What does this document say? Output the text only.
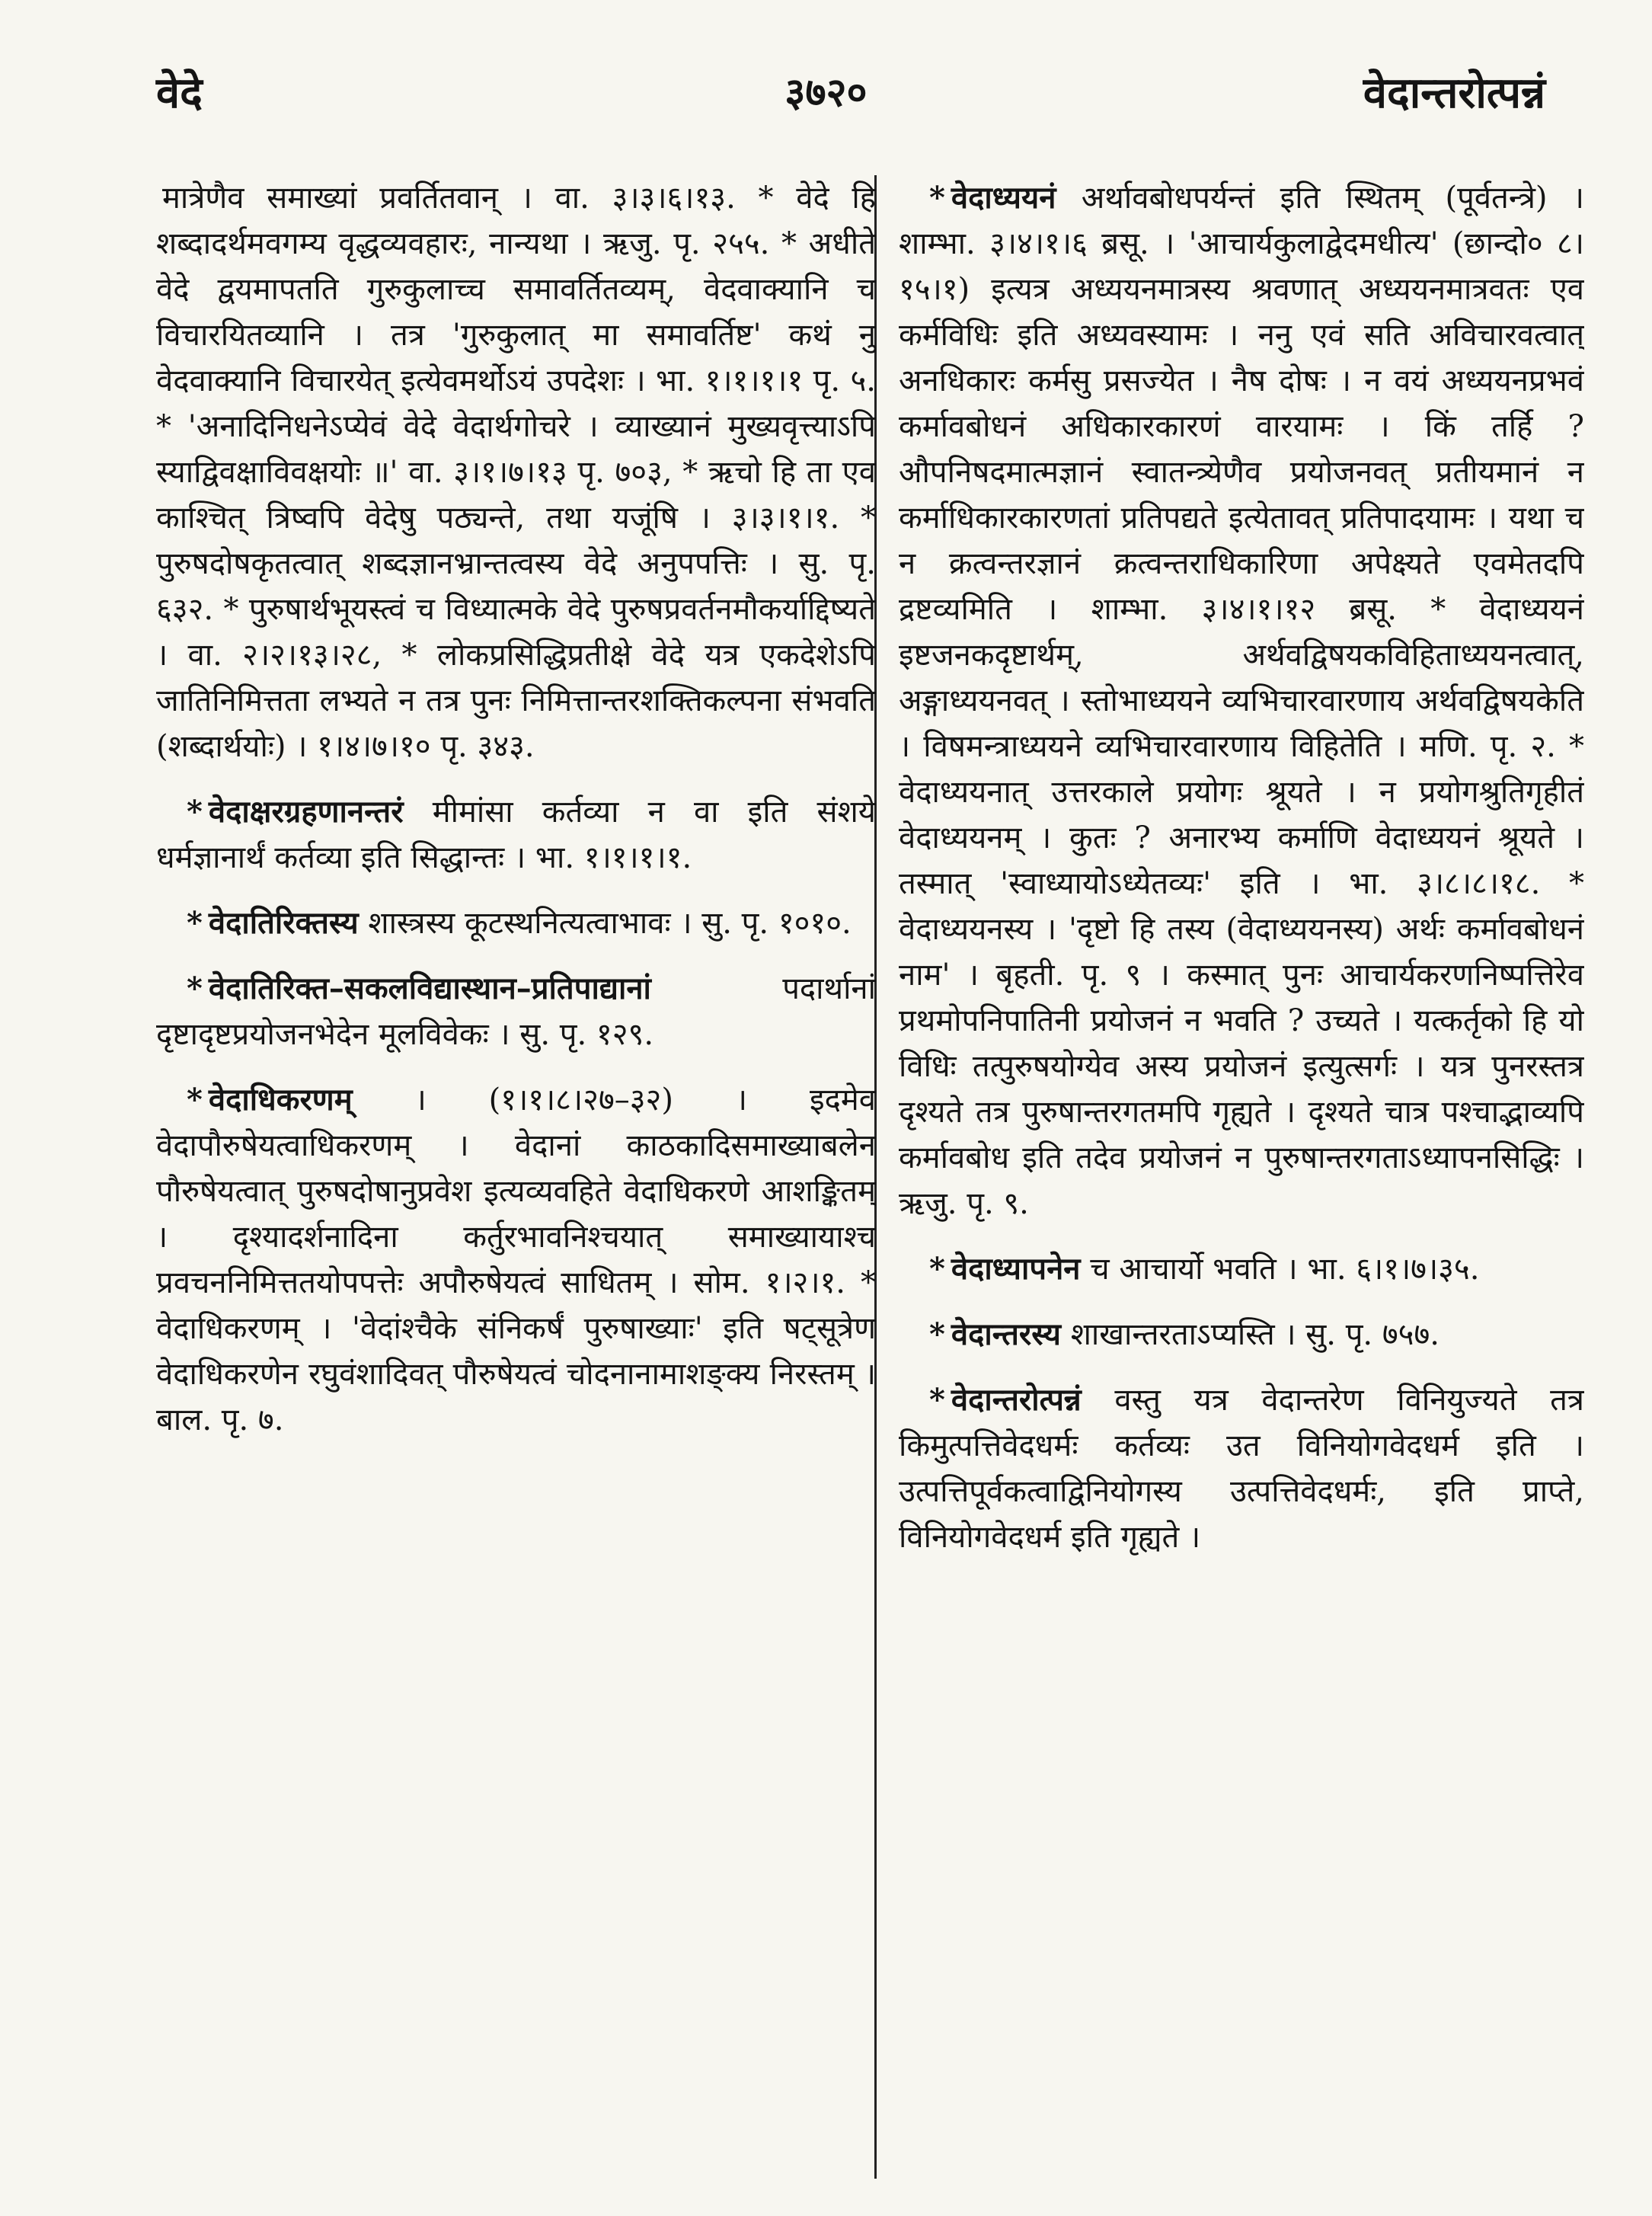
वेदे	३७२०	वेदान्तरोत्पन्नं

मात्रेणैव समाख्यां प्रवर्तितवान् । वा. ३।३।६।१३. * वेदे हि शब्दादर्थमवगम्य वृद्धव्यवहारः, नान्यथा । ऋजु. पृ. २५५. * अधीते वेदे द्वयमापतति गुरुकुलाच्च समावर्तितव्यम्, वेदवाक्यानि च विचारयितव्यानि । तत्र 'गुरुकुलात् मा समावर्तिष्ट' कथं नु वेदवाक्यानि विचारयेत् इत्येवमर्थोऽयं उपदेशः । भा. १।१।१।१ पृ. ५. * 'अनादिनिधनेऽप्येवं वेदे वेदार्थगोचरे । व्याख्यानं मुख्यवृत्त्याऽपि स्याद्विवक्षाविवक्षयोः ॥' वा. ३।१।७।१३ पृ. ७०३, * ऋचो हि ता एव काश्चित् त्रिष्वपि वेदेषु पठ्यन्ते, तथा यजूंषि । ३।३।१।१. * पुरुषदोषकृतत्वात् शब्दज्ञानभ्रान्तत्वस्य वेदे अनुपपत्तिः । सु. पृ. ६३२. * पुरुषार्थभूयस्त्वं च विध्यात्मके वेदे पुरुषप्रवर्तनमौकर्याद्दिष्यते । वा. २।२।१३।२८, * लोकप्रसिद्धिप्रतीक्षे वेदे यत्र एकदेशेऽपि जातिनिमित्तता लभ्यते न तत्र पुनः निमित्तान्तरशक्तिकल्पना संभवति (शब्दार्थयोः) । १।४।७।१० पृ. ३४३.

* वेदाक्षरग्रहणानन्तरं मीमांसा कर्तव्या न वा इति संशये धर्मज्ञानार्थं कर्तव्या इति सिद्धान्तः । भा. १।१।१।१.

* वेदातिरिक्तस्य शास्त्रस्य कूटस्थनित्यत्वाभावः । सु. पृ. १०१०.

* वेदातिरिक्त–सकलविद्यास्थान–प्रतिपाद्यानां	पदार्थानां दृष्टादृष्टप्रयोजनभेदेन मूलविवेकः । सु. पृ. १२९.

* वेदाधिकरणम् । (१।१।८।२७–३२) । इदमेव वेदापौरुषेयत्वाधिकरणम् । वेदानां काठकादिसमाख्याबलेन पौरुषेयत्वात् पुरुषदोषानुप्रवेश इत्यव्यवहिते वेदाधिकरणे आशङ्कितम् । दृश्यादर्शनादिना कर्तुरभावनिश्चयात् समाख्यायाश्च प्रवचननिमित्ततयोपपत्तेः अपौरुषेयत्वं साधितम् । सोम. १।२।१. * वेदाधिकरणम् । 'वेदांश्चैके संनिकर्षं पुरुषाख्याः' इति षट्सूत्रेण वेदाधिकरणेन रघुवंशादिवत् पौरुषेयत्वं चोदनानामाशङ्क्य निरस्तम् । बाल. पृ. ७.

* वेदाध्ययनं अर्थावबोधपर्यन्तं इति स्थितम् (पूर्वतन्त्रे) । शाम्भा. ३।४।१।६ ब्रसू. । 'आचार्यकुलाद्वेदमधीत्य' (छान्दो० ८।१५।१) इत्यत्र अध्ययनमात्रस्य श्रवणात् अध्ययनमात्रवतः एव कर्मविधिः इति अध्यवस्यामः । ननु एवं सति अविचारवत्वात् अनधिकारः कर्मसु प्रसज्येत । नैष दोषः । न वयं अध्ययनप्रभवं कर्मावबोधनं अधिकारकारणं वारयामः । किं तर्हि ? औपनिषदमात्मज्ञानं स्वातन्त्र्येणैव प्रयोजनवत् प्रतीयमानं न कर्माधिकारकारणतां प्रतिपद्यते इत्येतावत् प्रतिपादयामः । यथा च न क्रत्वन्तरज्ञानं क्रत्वन्तराधिकारिणा अपेक्ष्यते एवमेतदपि द्रष्टव्यमिति । शाम्भा. ३।४।१।१२ ब्रसू. * वेदाध्ययनं इष्टजनकदृष्टार्थम्, अर्थवद्विषयकविहिताध्ययनत्वात्, अङ्गाध्ययनवत् । स्तोभाध्ययने व्यभिचारवारणाय अर्थवद्विषयकेति । विषमन्त्राध्ययने व्यभिचारवारणाय विहितेति । मणि. पृ. २. * वेदाध्ययनात् उत्तरकाले प्रयोगः श्रूयते । न प्रयोगश्रुतिगृहीतं वेदाध्ययनम् । कुतः ? अनारभ्य कर्माणि वेदाध्ययनं श्रूयते । तस्मात् 'स्वाध्यायोऽध्येतव्यः' इति । भा. ३।८।८।१८. * वेदाध्ययनस्य । 'दृष्टो हि तस्य (वेदाध्ययनस्य) अर्थः कर्मावबोधनं नाम' । बृहती. पृ. ९ । कस्मात् पुनः आचार्यकरणनिष्पत्तिरेव प्रथमोपनिपातिनी प्रयोजनं न भवति ? उच्यते । यत्कर्तृको हि यो विधिः तत्पुरुषयोग्येव अस्य प्रयोजनं इत्युत्सर्गः । यत्र पुनरस्तत्र दृश्यते तत्र पुरुषान्तरगतमपि गृह्यते । दृश्यते चात्र पश्चाद्भाव्यपि कर्मावबोध इति तदेव प्रयोजनं न पुरुषान्तरगताऽध्यापनसिद्धिः । ऋजु. पृ. ९.

* वेदाध्यापनेन च आचार्यो भवति । भा. ६।१।७।३५.

* वेदान्तरस्य शाखान्तरताऽप्यस्ति । सु. पृ. ७५७.

* वेदान्तरोत्पन्नं वस्तु यत्र वेदान्तरेण विनियुज्यते तत्र किमुत्पत्तिवेदधर्मः कर्तव्यः उत विनियोगवेदधर्म इति । उत्पत्तिपूर्वकत्वाद्विनियोगस्य उत्पत्तिवेदधर्मः, इति प्राप्ते, विनियोगवेदधर्म इति गृह्यते ।
